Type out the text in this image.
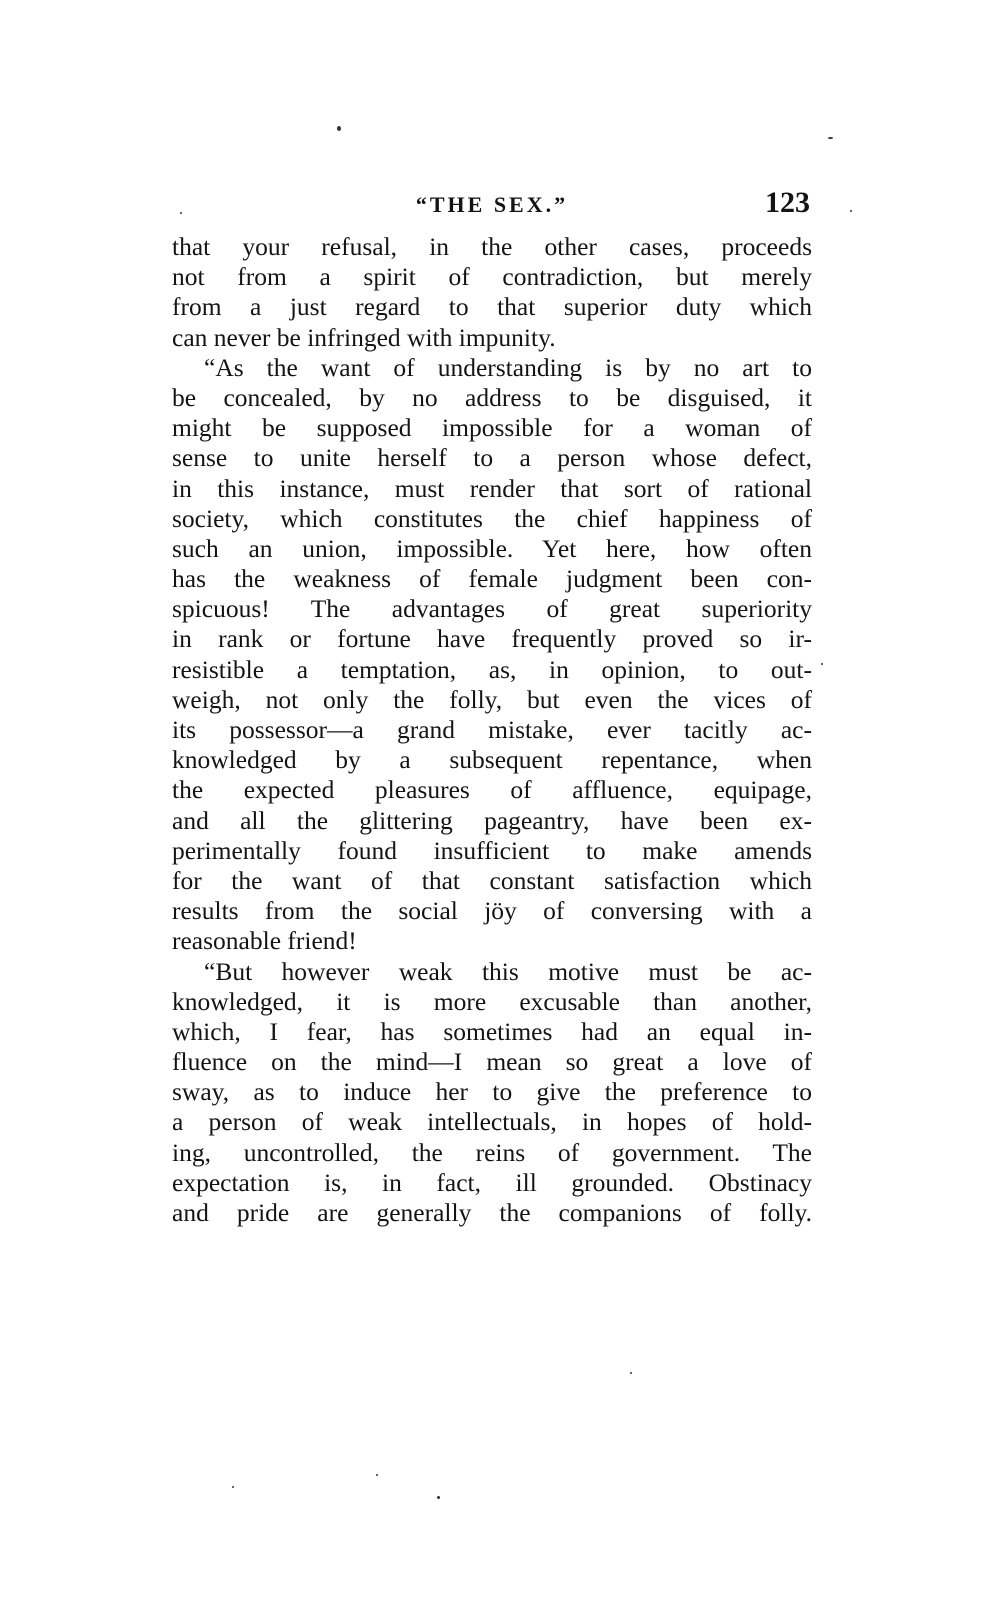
“THE SEX.”	123
that your refusal, in the other cases, proceeds
not from a spirit of contradiction, but merely
from a just regard to that superior duty which
can never be infringed with impunity.
“As the want of understanding is by no art to
be concealed, by no address to be disguised, it
might be supposed impossible for a woman of
sense to unite herself to a person whose defect,
in this instance, must render that sort of rational
society, which constitutes the chief happiness of
such an union, impossible. Yet here, how often
has the weakness of female judgment been con-
spicuous! The advantages of great superiority
in rank or fortune have frequently proved so ir-
resistible a temptation, as, in opinion, to out-
weigh, not only the folly, but even the vices of
its possessor—a grand mistake, ever tacitly ac-
knowledged by a subsequent repentance, when
the expected pleasures of affluence, equipage,
and all the glittering pageantry, have been ex-
perimentally found insufficient to make amends
for the want of that constant satisfaction which
results from the social jöy of conversing with a
reasonable friend!
“But however weak this motive must be ac-
knowledged, it is more excusable than another,
which, I fear, has sometimes had an equal in-
fluence on the mind—I mean so great a love of
sway, as to induce her to give the preference to
a person of weak intellectuals, in hopes of hold-
ing, uncontrolled, the reins of government. The
expectation is, in fact, ill grounded. Obstinacy
and pride are generally the companions of folly.
